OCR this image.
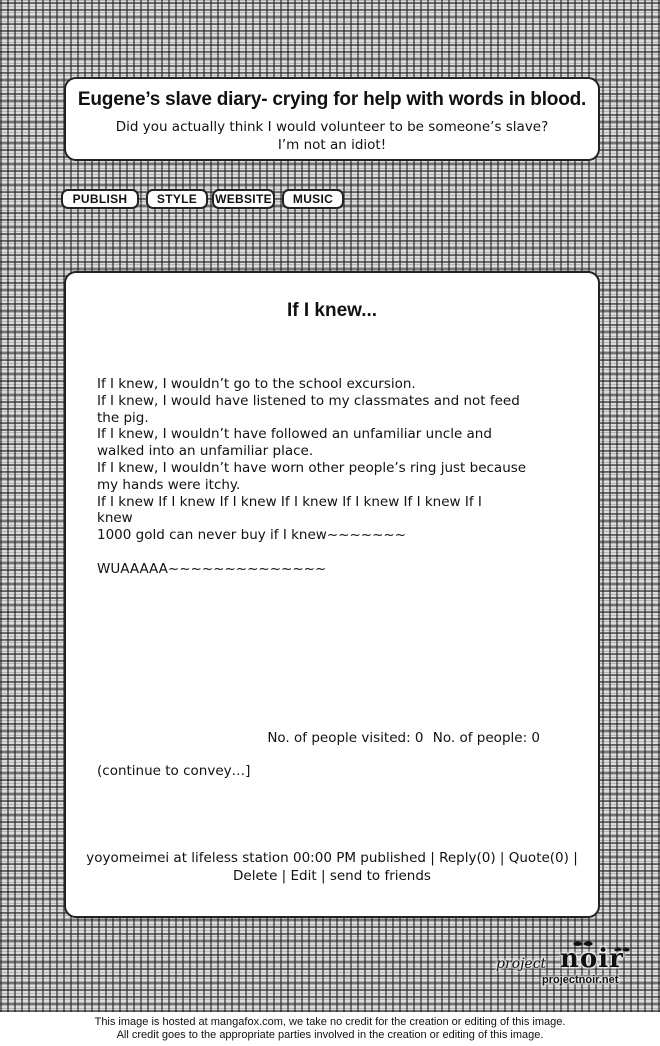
Eugene’s slave diary- crying for help with words in blood.
Did you actually think I would volunteer to be someone’s slave?
I’m not an idiot!
PUBLISH	STYLE	WEBSITE	MUSIC
If I knew...
If I knew, I wouldn’t go to the school excursion.
If I knew, I would have listened to my classmates and not feed
the pig.
If I knew, I wouldn’t have followed an unfamiliar uncle and
walked into an unfamiliar place.
If I knew, I wouldn’t have worn other people’s ring just because
my hands were itchy.
If I knew If I knew If I knew If I knew If I knew If I knew If I
knew
1000 gold can never buy if I knew~~~~~~~
WUAAAAA~~~~~~~~~~~~~~
No. of people visited: 0 No. of people: 0
(continue to convey…]
yoyomeimei at lifeless station 00:00 PM published | Reply(0) | Quote(0) | Delete | Edit | send to friends
project noir
projectnoir.net
This image is hosted at mangafox.com, we take no credit for the creation or editing of this image.
All credit goes to the appropriate parties involved in the creation or editing of this image.
